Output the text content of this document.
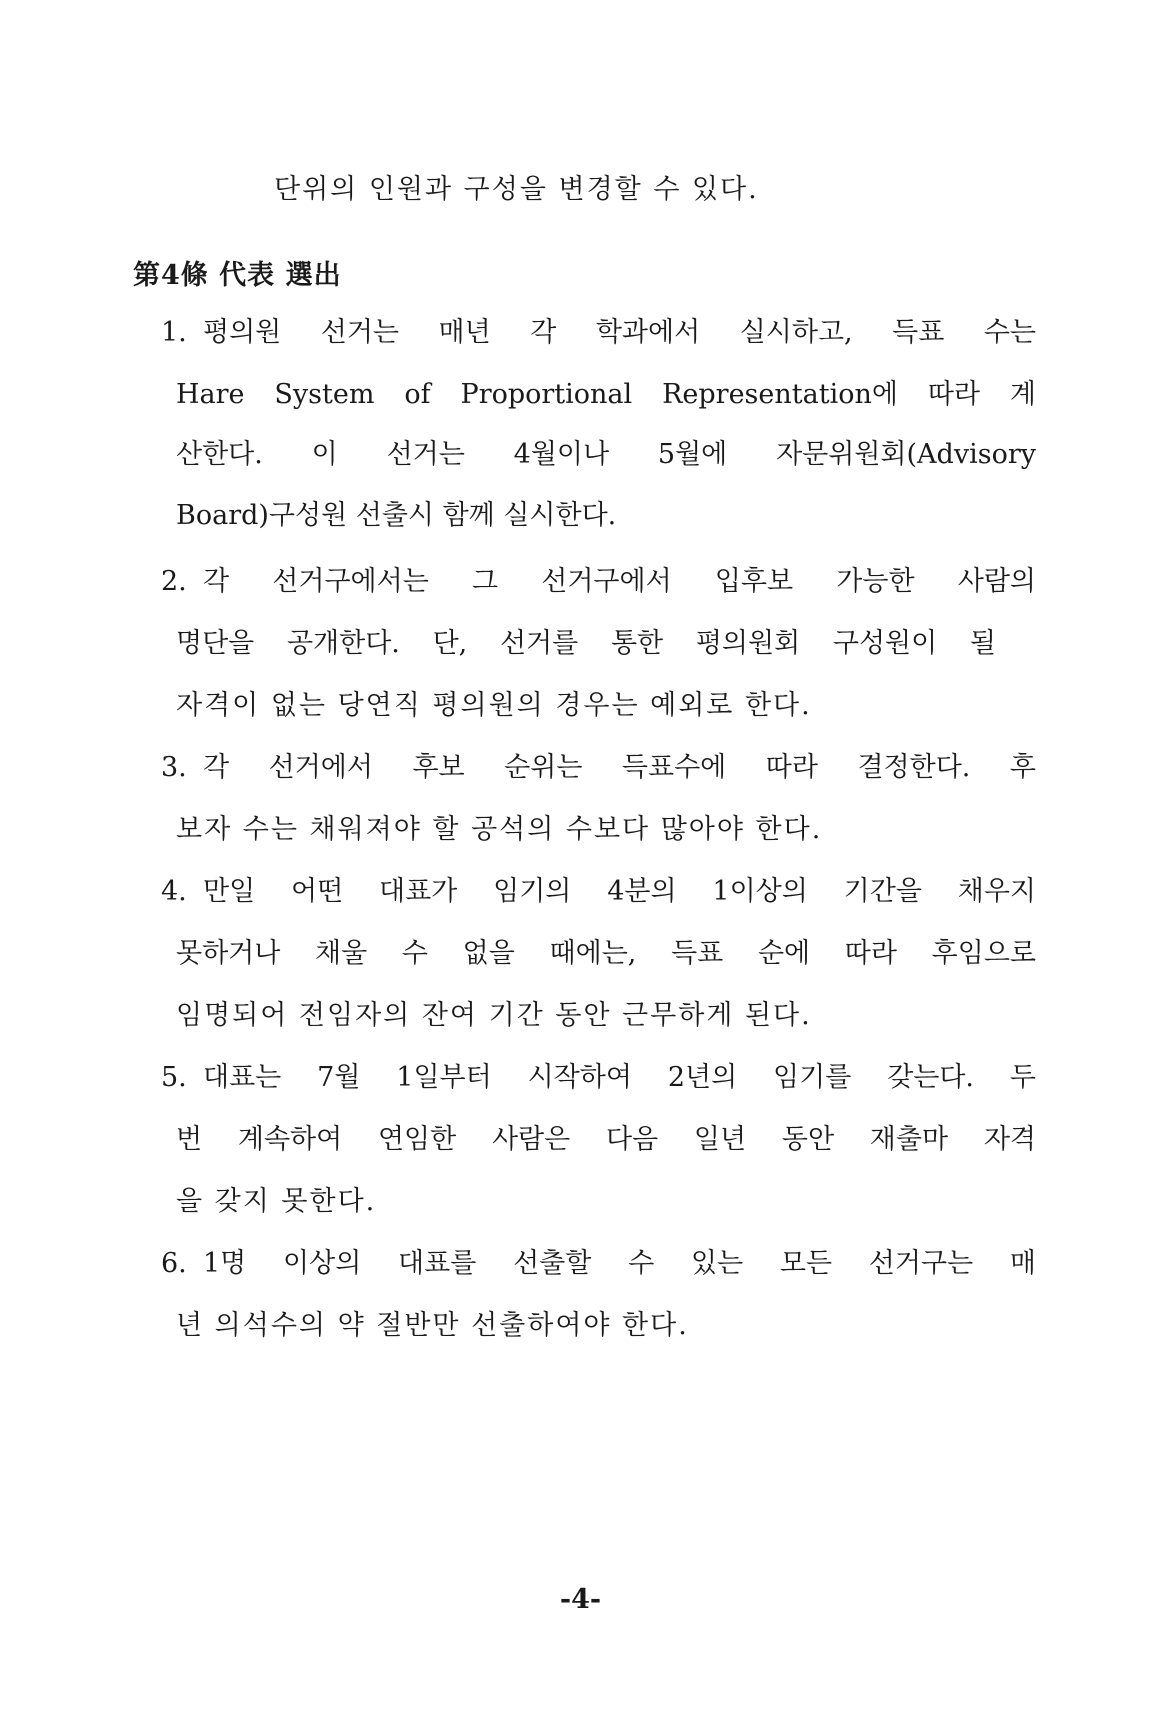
단위의 인원과 구성을 변경할 수 있다.
第4條 代表 選出
1. 평의원 선거는 매년 각 학과에서 실시하고, 득표 수는
Hare System of Proportional Representation에 따라 계
산한다. 이 선거는 4월이나 5월에 자문위원회(Advisory
Board)구성원 선출시 함께 실시한다.
2. 각 선거구에서는 그 선거구에서 입후보 가능한 사람의
명단을 공개한다. 단, 선거를 통한 평의원회 구성원이 될
자격이 없는 당연직 평의원의 경우는 예외로 한다.
3. 각 선거에서 후보 순위는 득표수에 따라 결정한다. 후
보자 수는 채워져야 할 공석의 수보다 많아야 한다.
4. 만일 어떤 대표가 임기의 4분의 1이상의 기간을 채우지
못하거나 채울 수 없을 때에는, 득표 순에 따라 후임으로
임명되어 전임자의 잔여 기간 동안 근무하게 된다.
5. 대표는 7월 1일부터 시작하여 2년의 임기를 갖는다. 두
번 계속하여 연임한 사람은 다음 일년 동안 재출마 자격
을 갖지 못한다.
6. 1명 이상의 대표를 선출할 수 있는 모든 선거구는 매
년 의석수의 약 절반만 선출하여야 한다.
-4-
